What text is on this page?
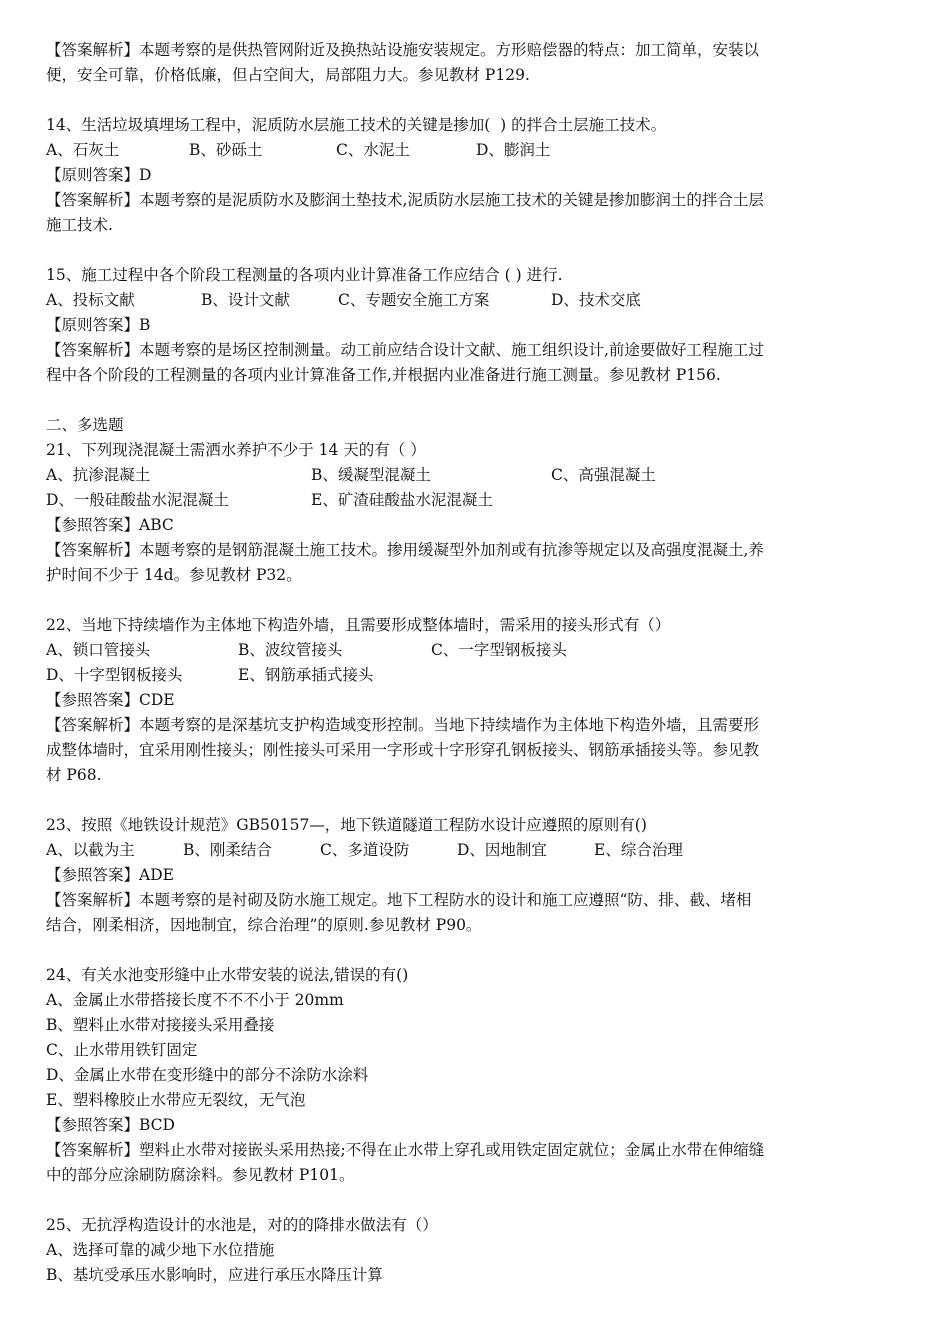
【答案解析】本题考察的是供热管网附近及换热站设施安装规定。方形赔偿器的特点：加工简单，安装以
便，安全可靠，价格低廉，但占空间大，局部阻力大。参见教材 P129.
14、生活垃圾填埋场工程中，泥质防水层施工技术的关键是掺加(  ) 的拌合土层施工技术。
A、石灰土	B、砂砾土	C、水泥土	D、膨润土
【原则答案】D
【答案解析】本题考察的是泥质防水及膨润土垫技术,泥质防水层施工技术的关键是掺加膨润土的拌合土层
施工技术.
15、施工过程中各个阶段工程测量的各项内业计算准备工作应结合 ( ) 进行.
A、投标文献	B、设计文献	C、专题安全施工方案	D、技术交底
【原则答案】B
【答案解析】本题考察的是场区控制测量。动工前应结合设计文献、施工组织设计,前途要做好工程施工过
程中各个阶段的工程测量的各项内业计算准备工作,并根据内业准备进行施工测量。参见教材 P156.
二、多选题
21、下列现浇混凝土需洒水养护不少于 14 天的有（ ）
A、抗渗混凝土	B、缓凝型混凝土	C、高强混凝土
D、一般硅酸盐水泥混凝土	E、矿渣硅酸盐水泥混凝土
【参照答案】ABC
【答案解析】本题考察的是钢筋混凝土施工技术。掺用缓凝型外加剂或有抗渗等规定以及高强度混凝土,养
护时间不少于 14d。参见教材 P32。
22、当地下持续墙作为主体地下构造外墙，且需要形成整体墙时，需采用的接头形式有（）
A、锁口管接头	B、波纹管接头	C、一字型钢板接头
D、十字型钢板接头	E、钢筋承插式接头
【参照答案】CDE
【答案解析】本题考察的是深基坑支护构造域变形控制。当地下持续墙作为主体地下构造外墙，且需要形
成整体墙时，宜采用刚性接头；刚性接头可采用一字形或十字形穿孔钢板接头、钢筋承插接头等。参见教
材 P68.
23、按照《地铁设计规范》GB50157—，地下铁道隧道工程防水设计应遵照的原则有()
A、以截为主	B、刚柔结合	C、多道设防	D、因地制宜	E、综合治理
【参照答案】ADE
【答案解析】本题考察的是衬砌及防水施工规定。地下工程防水的设计和施工应遵照“防、排、截、堵相
结合，刚柔相济，因地制宜，综合治理”的原则.参见教材 P90。
24、有关水池变形缝中止水带安装的说法,错误的有()
A、金属止水带搭接长度不不不小于 20mm
B、塑料止水带对接接头采用叠接
C、止水带用铁钉固定
D、金属止水带在变形缝中的部分不涂防水涂料
E、塑料橡胶止水带应无裂纹，无气泡
【参照答案】BCD
【答案解析】塑料止水带对接嵌头采用热接;不得在止水带上穿孔或用铁定固定就位；金属止水带在伸缩缝
中的部分应涂刷防腐涂料。参见教材 P101。
25、无抗浮构造设计的水池是，对的的降排水做法有（）
A、选择可靠的减少地下水位措施
B、基坑受承压水影响时，应进行承压水降压计算
